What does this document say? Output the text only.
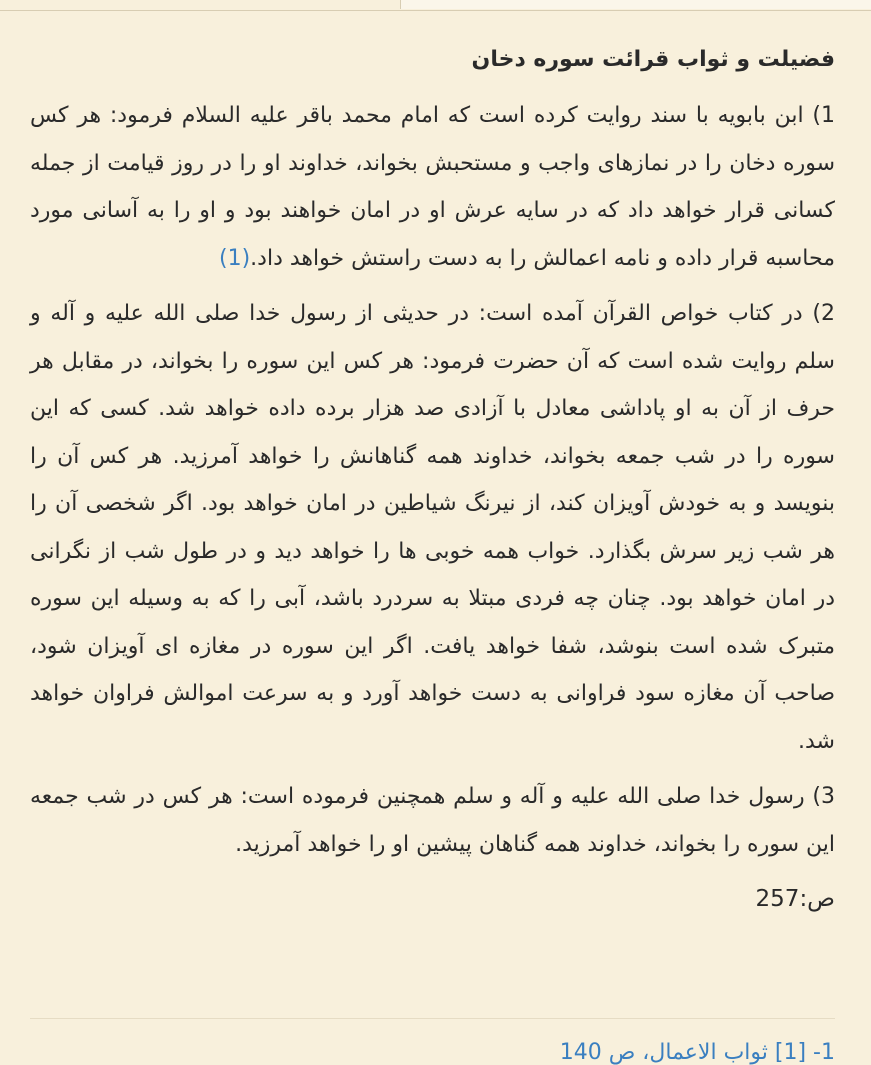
فضیلت و ثواب قرائت سوره دخان

1) ابن بابویه با سند روایت کرده است که امام محمد باقر علیه السلام فرمود: هر کس سوره دخان را در نمازهای واجب و مستحبش بخواند، خداوند او را در روز قیامت از جمله کسانی قرار خواهد داد که در سایه عرش او در امان خواهند بود و او را به آسانی مورد محاسبه قرار داده و نامه اعمالش را به دست راستش خواهد داد.(1)

2) در کتاب خواص القرآن آمده است: در حدیثی از رسول خدا صلی الله علیه و آله و سلم روایت شده است که آن حضرت فرمود: هر کس این سوره را بخواند، در مقابل هر حرف از آن به او پاداشی معادل با آزادی صد هزار برده داده خواهد شد. کسی که این سوره را در شب جمعه بخواند، خداوند همه گناهانش را خواهد آمرزید. هر کس آن را بنویسد و به خودش آویزان کند، از نیرنگ شیاطین در امان خواهد بود. اگر شخصی آن را هر شب زیر سرش بگذارد. خواب همه خوبی ها را خواهد دید و در طول شب از نگرانی در امان خواهد بود. چنان چه فردی مبتلا به سردرد باشد، آبی را که به وسیله این سوره متبرک شده است بنوشد، شفا خواهد یافت. اگر این سوره در مغازه ای آویزان شود، صاحب آن مغازه سود فراوانی به دست خواهد آورد و به سرعت اموالش فراوان خواهد شد.

3) رسول خدا صلی الله علیه و آله و سلم همچنین فرموده است: هر کس در شب جمعه این سوره را بخواند، خداوند همه گناهان پیشین او را خواهد آمرزید.

ص:257

1- [1] ثواب الاعمال، ص 140
